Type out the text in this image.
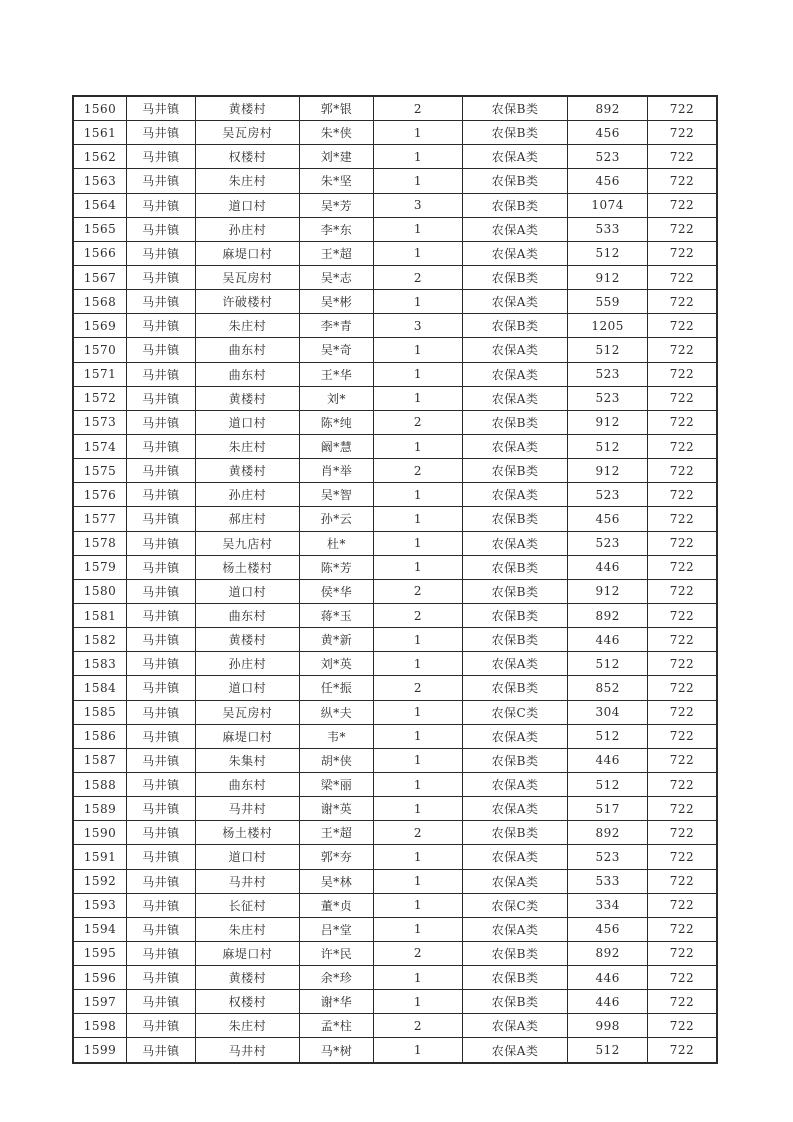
1560	马井镇	黄楼村	郭*银	2	农保B类	892	722
1561	马井镇	吴瓦房村	朱*侠	1	农保B类	456	722
1562	马井镇	权楼村	刘*建	1	农保A类	523	722
1563	马井镇	朱庄村	朱*坚	1	农保B类	456	722
1564	马井镇	道口村	吴*芳	3	农保B类	1074	722
1565	马井镇	孙庄村	李*东	1	农保A类	533	722
1566	马井镇	麻堤口村	王*超	1	农保A类	512	722
1567	马井镇	吴瓦房村	吴*志	2	农保B类	912	722
1568	马井镇	许破楼村	吴*彬	1	农保A类	559	722
1569	马井镇	朱庄村	李*青	3	农保B类	1205	722
1570	马井镇	曲东村	吴*奇	1	农保A类	512	722
1571	马井镇	曲东村	王*华	1	农保A类	523	722
1572	马井镇	黄楼村	刘*	1	农保A类	523	722
1573	马井镇	道口村	陈*纯	2	农保B类	912	722
1574	马井镇	朱庄村	阚*慧	1	农保A类	512	722
1575	马井镇	黄楼村	肖*举	2	农保B类	912	722
1576	马井镇	孙庄村	吴*智	1	农保A类	523	722
1577	马井镇	郝庄村	孙*云	1	农保B类	456	722
1578	马井镇	吴九店村	杜*	1	农保A类	523	722
1579	马井镇	杨土楼村	陈*芳	1	农保B类	446	722
1580	马井镇	道口村	侯*华	2	农保B类	912	722
1581	马井镇	曲东村	蒋*玉	2	农保B类	892	722
1582	马井镇	黄楼村	黄*新	1	农保B类	446	722
1583	马井镇	孙庄村	刘*英	1	农保A类	512	722
1584	马井镇	道口村	任*振	2	农保B类	852	722
1585	马井镇	吴瓦房村	纵*夫	1	农保C类	304	722
1586	马井镇	麻堤口村	韦*	1	农保A类	512	722
1587	马井镇	朱集村	胡*侠	1	农保B类	446	722
1588	马井镇	曲东村	梁*丽	1	农保A类	512	722
1589	马井镇	马井村	谢*英	1	农保A类	517	722
1590	马井镇	杨土楼村	王*超	2	农保B类	892	722
1591	马井镇	道口村	郭*夯	1	农保A类	523	722
1592	马井镇	马井村	吴*林	1	农保A类	533	722
1593	马井镇	长征村	董*贞	1	农保C类	334	722
1594	马井镇	朱庄村	吕*堂	1	农保A类	456	722
1595	马井镇	麻堤口村	许*民	2	农保B类	892	722
1596	马井镇	黄楼村	余*珍	1	农保B类	446	722
1597	马井镇	权楼村	谢*华	1	农保B类	446	722
1598	马井镇	朱庄村	孟*柱	2	农保A类	998	722
1599	马井镇	马井村	马*树	1	农保A类	512	722
